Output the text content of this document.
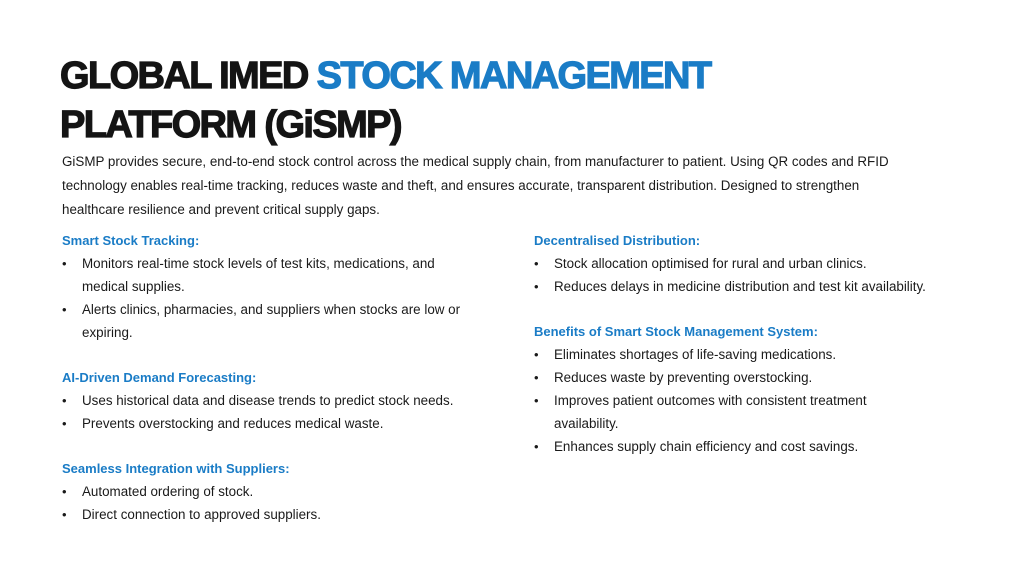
GLOBAL IMED STOCK MANAGEMENT
PLATFORM (GiSMP)

GiSMP provides secure, end-to-end stock control across the medical supply chain, from manufacturer to patient. Using QR codes and RFID technology enables real-time tracking, reduces waste and theft, and ensures accurate, transparent distribution. Designed to strengthen healthcare resilience and prevent critical supply gaps.

Smart Stock Tracking:
• Monitors real-time stock levels of test kits, medications, and medical supplies.
• Alerts clinics, pharmacies, and suppliers when stocks are low or expiring.
AI-Driven Demand Forecasting:
• Uses historical data and disease trends to predict stock needs.
• Prevents overstocking and reduces medical waste.
Seamless Integration with Suppliers:
• Automated ordering of stock.
• Direct connection to approved suppliers.
Decentralised Distribution:
• Stock allocation optimised for rural and urban clinics.
• Reduces delays in medicine distribution and test kit availability.
Benefits of Smart Stock Management System:
• Eliminates shortages of life-saving medications.
• Reduces waste by preventing overstocking.
• Improves patient outcomes with consistent treatment availability.
• Enhances supply chain efficiency and cost savings.
